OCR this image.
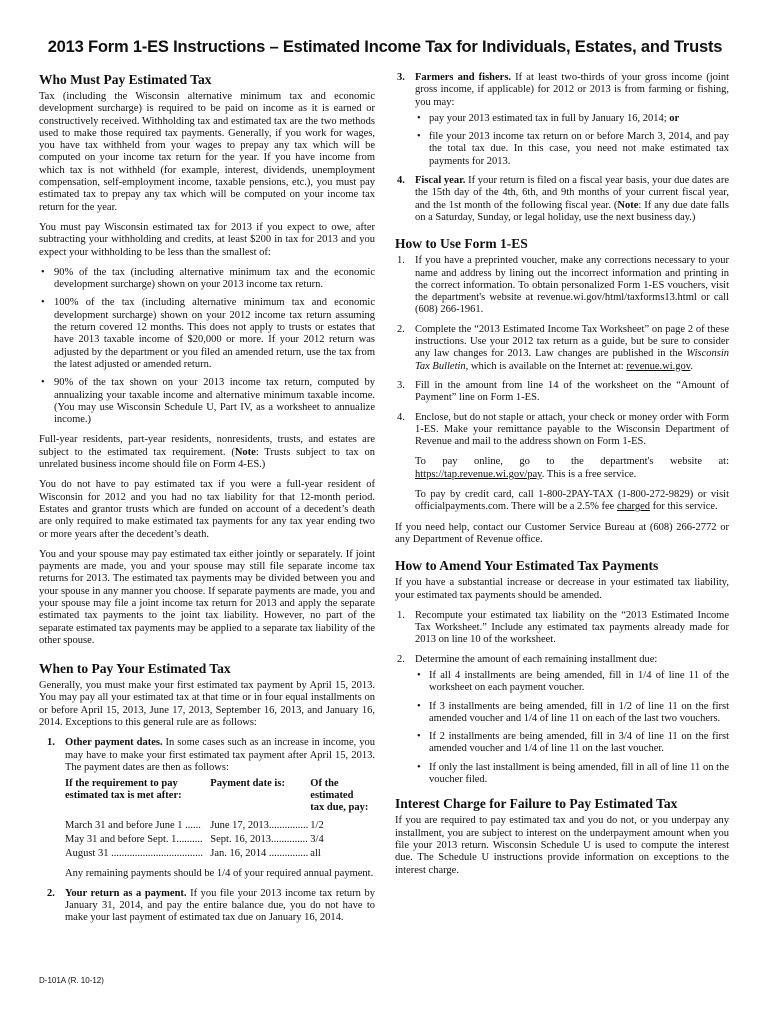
2013 Form 1-ES Instructions – Estimated Income Tax for Individuals, Estates, and Trusts
Who Must Pay Estimated Tax

Tax (including the Wisconsin alternative minimum tax and economic development surcharge) is required to be paid on income as it is earned or constructively received. Withholding tax and estimated tax are the two methods used to make those required tax payments. Generally, if you work for wages, you have tax withheld from your wages to prepay any tax which will be computed on your income tax return for the year. If you have income from which tax is not withheld (for example, interest, dividends, unemployment compensation, self-employment income, taxable pensions, etc.), you must pay estimated tax to prepay any tax which will be computed on your income tax return for the year.

You must pay Wisconsin estimated tax for 2013 if you expect to owe, after subtracting your withholding and credits, at least $200 in tax for 2013 and you expect your withholding to be less than the smallest of:

• 90% of the tax (including alternative minimum tax and the economic development surcharge) shown on your 2013 income tax return.
• 100% of the tax (including alternative minimum tax and economic development surcharge) shown on your 2012 income tax return assuming the return covered 12 months. This does not apply to trusts or estates that have 2013 taxable income of $20,000 or more. If your 2012 return was adjusted by the department or you filed an amended return, use the tax from the latest adjusted or amended return.
• 90% of the tax shown on your 2013 income tax return, computed by annualizing your taxable income and alternative minimum taxable income. (You may use Wisconsin Schedule U, Part IV, as a worksheet to annualize income.)

Full-year residents, part-year residents, nonresidents, trusts, and estates are subject to the estimated tax requirement. (Note: Trusts subject to tax on unrelated business income should file on Form 4-ES.)

You do not have to pay estimated tax if you were a full-year resident of Wisconsin for 2012 and you had no tax liability for that 12-month period. Estates and grantor trusts which are funded on account of a decedent’s death are only required to make estimated tax payments for any tax year ending two or more years after the decedent’s death.

You and your spouse may pay estimated tax either jointly or separately. If joint payments are made, you and your spouse may still file separate income tax returns for 2013. The estimated tax payments may be divided between you and your spouse in any manner you choose. If separate payments are made, you and your spouse may file a joint income tax return for 2013 and apply the separate estimated tax payments to the joint tax liability. However, no part of the separate estimated tax payments may be applied to a separate tax liability of the other spouse.

When to Pay Your Estimated Tax

Generally, you must make your first estimated tax payment by April 15, 2013. You may pay all your estimated tax at that time or in four equal installments on or before April 15, 2013, June 17, 2013, September 16, 2013, and January 16, 2014. Exceptions to this general rule are as follows:

1. Other payment dates. In some cases such as an increase in income, you may have to make your first estimated tax payment after April 15, 2013. The payment dates are then as follows:
If the requirement to pay estimated tax is met after:	Payment date is:	Of the estimated tax due, pay:
March 31 and before June 1 ......	June 17, 2013...............	1/2
May 31 and before Sept. 1..........	Sept. 16, 2013..............	3/4
August 31 ...................................	Jan. 16, 2014 ...............	all
Any remaining payments should be 1/4 of your required annual payment.
2. Your return as a payment. If you file your 2013 income tax return by January 31, 2014, and pay the entire balance due, you do not have to make your last payment of estimated tax due on January 16, 2014.
3. Farmers and fishers. If at least two-thirds of your gross income (joint gross income, if applicable) for 2012 or 2013 is from farming or fishing, you may:
• pay your 2013 estimated tax in full by January 16, 2014; or
• file your 2013 income tax return on or before March 3, 2014, and pay the total tax due. In this case, you need not make estimated tax payments for 2013.
4. Fiscal year. If your return is filed on a fiscal year basis, your due dates are the 15th day of the 4th, 6th, and 9th months of your current fiscal year, and the 1st month of the following fiscal year. (Note: If any due date falls on a Saturday, Sunday, or legal holiday, use the next business day.)
How to Use Form 1-ES
1. If you have a preprinted voucher, make any corrections necessary to your name and address by lining out the incorrect information and printing in the correct information. To obtain personalized Form 1-ES vouchers, visit the department's website at revenue.wi.gov/html/taxforms13.html or call (608) 266-1961.
2. Complete the “2013 Estimated Income Tax Worksheet” on page 2 of these instructions. Use your 2012 tax return as a guide, but be sure to consider any law changes for 2013. Law changes are published in the Wisconsin Tax Bulletin, which is available on the Internet at: revenue.wi.gov.
3. Fill in the amount from line 14 of the worksheet on the “Amount of Payment” line on Form 1-ES.
4. Enclose, but do not staple or attach, your check or money order with Form 1-ES. Make your remittance payable to the Wisconsin Department of Revenue and mail to the address shown on Form 1-ES.

To pay online, go to the department's website at: https://tap.revenue.wi.gov/pay. This is a free service.

To pay by credit card, call 1-800-2PAY-TAX (1-800-272-9829) or visit officialpayments.com. There will be a 2.5% fee charged for this service.

If you need help, contact our Customer Service Bureau at (608) 266-2772 or any Department of Revenue office.

How to Amend Your Estimated Tax Payments

If you have a substantial increase or decrease in your estimated tax liability, your estimated tax payments should be amended.

1. Recompute your estimated tax liability on the “2013 Estimated Income Tax Worksheet.” Include any estimated tax payments already made for 2013 on line 10 of the worksheet.
2. Determine the amount of each remaining installment due:
• If all 4 installments are being amended, fill in 1/4 of line 11 of the worksheet on each payment voucher.
• If 3 installments are being amended, fill in 1/2 of line 11 on the first amended voucher and 1/4 of line 11 on each of the last two vouchers.
• If 2 installments are being amended, fill in 3/4 of line 11 on the first amended voucher and 1/4 of line 11 on the last voucher.
• If only the last installment is being amended, fill in all of line 11 on the voucher filed.
Interest Charge for Failure to Pay Estimated Tax

If you are required to pay estimated tax and you do not, or you underpay any installment, you are subject to interest on the underpayment amount when you file your 2013 return. Wisconsin Schedule U is used to compute the interest due. The Schedule U instructions provide information on exceptions to the interest charge.

D-101A (R. 10-12)
